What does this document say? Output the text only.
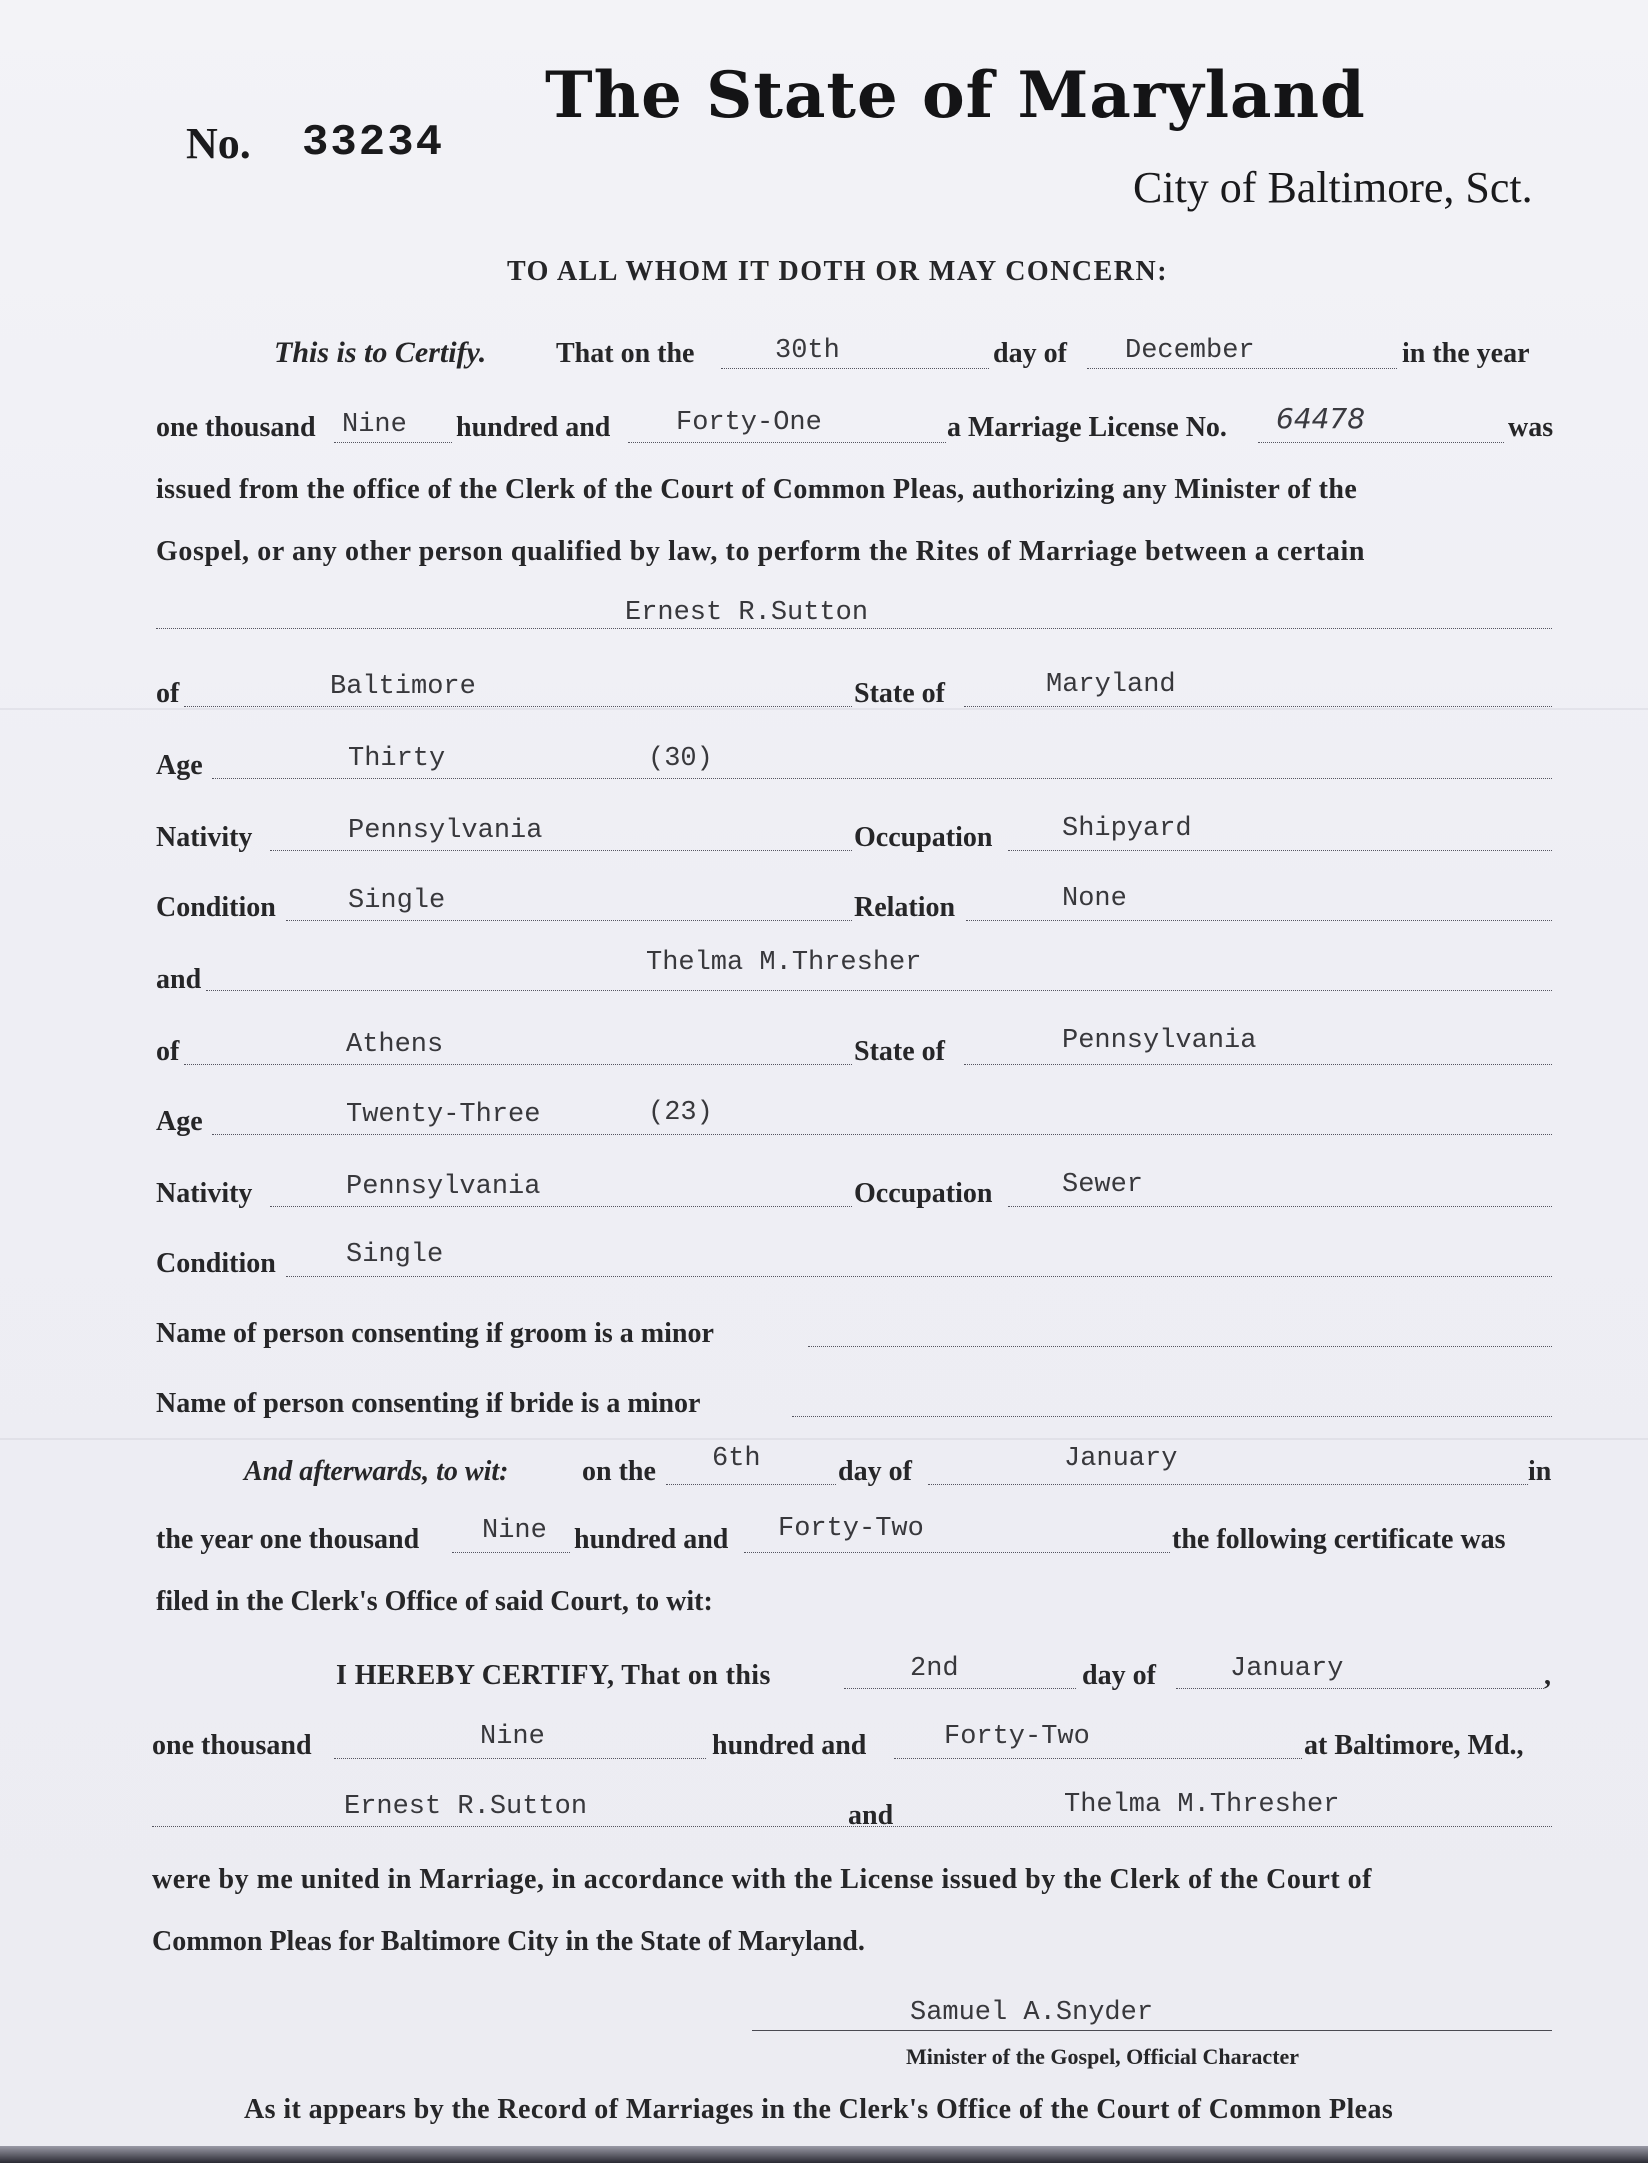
The State of Maryland
No. 33234
City of Baltimore, Sct.
TO ALL WHOM IT DOTH OR MAY CONCERN:
This is to Certify. That on the	30th	day of December	in the year
one thousand Nine hundred and Forty-One	a Marriage License No. 64478	was
issued from the office of the Clerk of the Court of Common Pleas, authorizing any Minister of the
Gospel, or any other person qualified by law, to perform the Rites of Marriage between a certain
Ernest R.Sutton
of	Baltimore	State of	Maryland
Age	Thirty	(30)
Nativity	Pennsylvania	Occupation	Shipyard
Condition	Single	Relation	None
and
Thelma M.Thresher
of	Athens	State of	Pennsylvania
Age	Twenty-Three	(23)
Nativity	Pennsylvania	Occupation	Sewer
Condition	Single
Name of person consenting if groom is a minor
Name of person consenting if bride is a minor
And afterwards, to wit:	on the 6th	day of	January	in
the year one thousand Nine hundred and Forty-Two	the following certificate was
filed in the Clerk's Office of said Court, to wit:
I HEREBY CERTIFY, That on this	2nd	day of	January	,
one thousand	Nine	hundred and	Forty-Two	at Baltimore, Md.,
Ernest R.Sutton	and	Thelma M.Thresher
were by me united in Marriage, in accordance with the License issued by the Clerk of the Court of
Common Pleas for Baltimore City in the State of Maryland.
Samuel A.Snyder
Minister of the Gospel, Official Character
As it appears by the Record of Marriages in the Clerk's Office of the Court of Common Pleas
